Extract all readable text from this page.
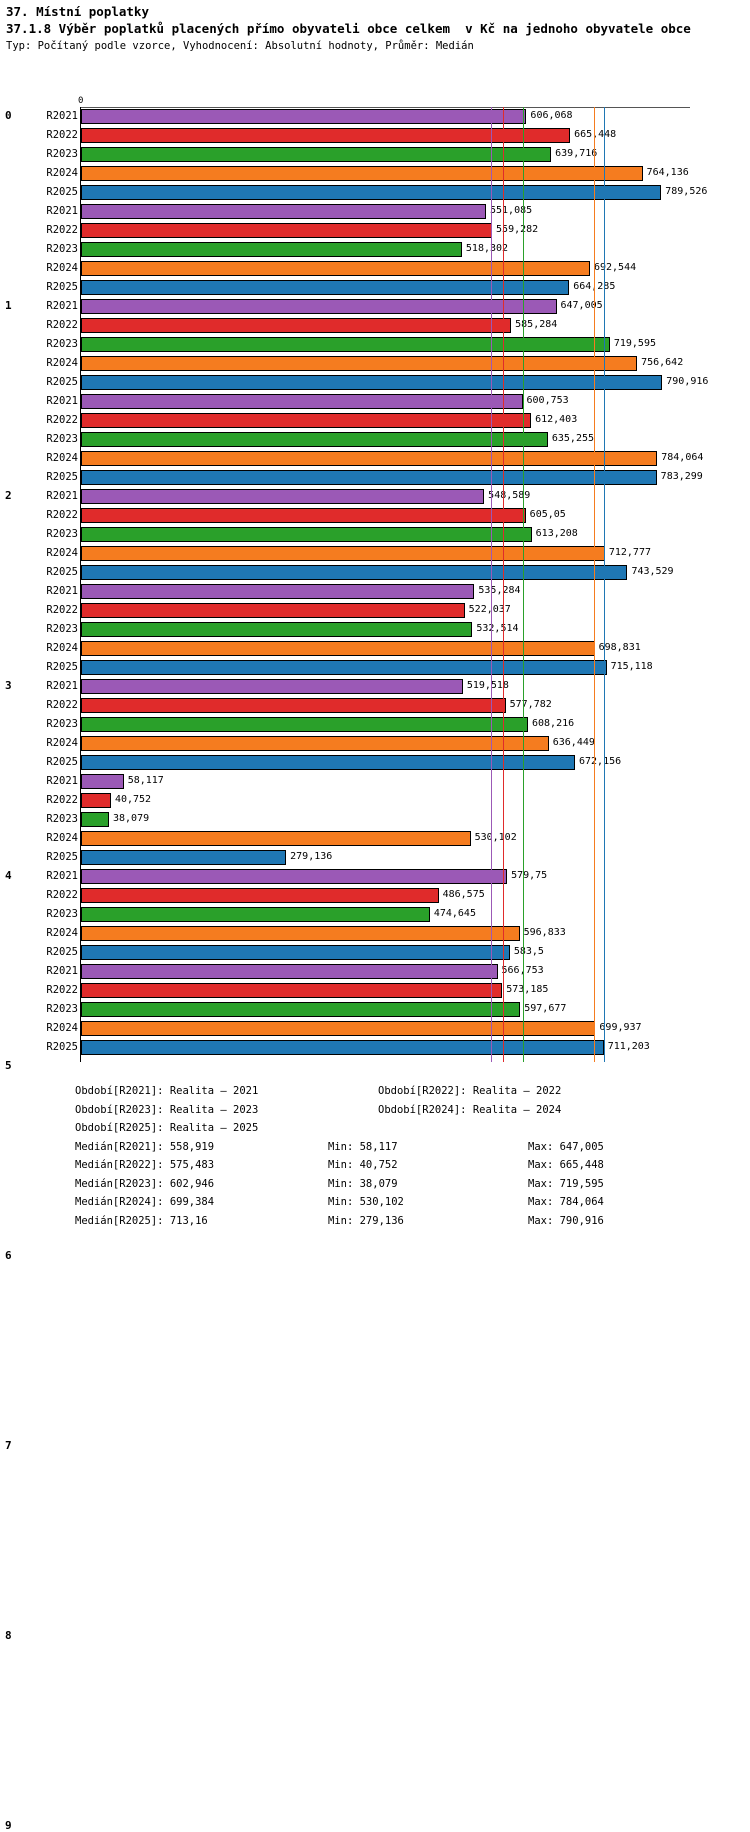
37. Místní poplatky
37.1.8 Výběr poplatků placených přímo obyvateli obce celkem  v Kč na jednoho obyvatele obce
Typ: Počítaný podle vzorce, Vyhodnocení: Absolutní hodnoty, Průměr: Medián
0
0	R2021	606,068
R2022	665,448
R2023	639,716
R2024	764,136
R2025	789,526
1
R2021	551,085
R2022	559,282
R2023	518,302
R2024	692,544
R2025	664,285
2
R2021	647,005
R2022	585,284
R2023	719,595
R2024	756,642
R2025	790,916
3
R2021	600,753
R2022	612,403
R2023	635,255
R2024	784,064
R2025	783,299
4
R2021	548,589
R2022	605,05
R2023	613,208
R2024	712,777
R2025	743,529
5
R2021	535,284
R2022	522,037
R2023	532,514
R2024	698,831
R2025	715,118
6
R2021	519,518
R2022	577,782
R2023	608,216
R2024	636,449
R2025	672,156
7
R2021	58,117
R2022	40,752
R2023	38,079
R2024	530,102
R2025	279,136
8
R2021	579,75
R2022	486,575
R2023	474,645
R2024	596,833
R2025	583,5
9
R2021	566,753
R2022	573,185
R2023	597,677
R2024	699,937
R2025	711,203
Období[R2021]: Realita – 2021	Období[R2022]: Realita – 2022
Období[R2023]: Realita – 2023	Období[R2024]: Realita – 2024
Období[R2025]: Realita – 2025
Medián[R2021]: 558,919	Min: 58,117	Max: 647,005
Medián[R2022]: 575,483	Min: 40,752	Max: 665,448
Medián[R2023]: 602,946	Min: 38,079	Max: 719,595
Medián[R2024]: 699,384	Min: 530,102	Max: 784,064
Medián[R2025]: 713,16	Min: 279,136	Max: 790,916
